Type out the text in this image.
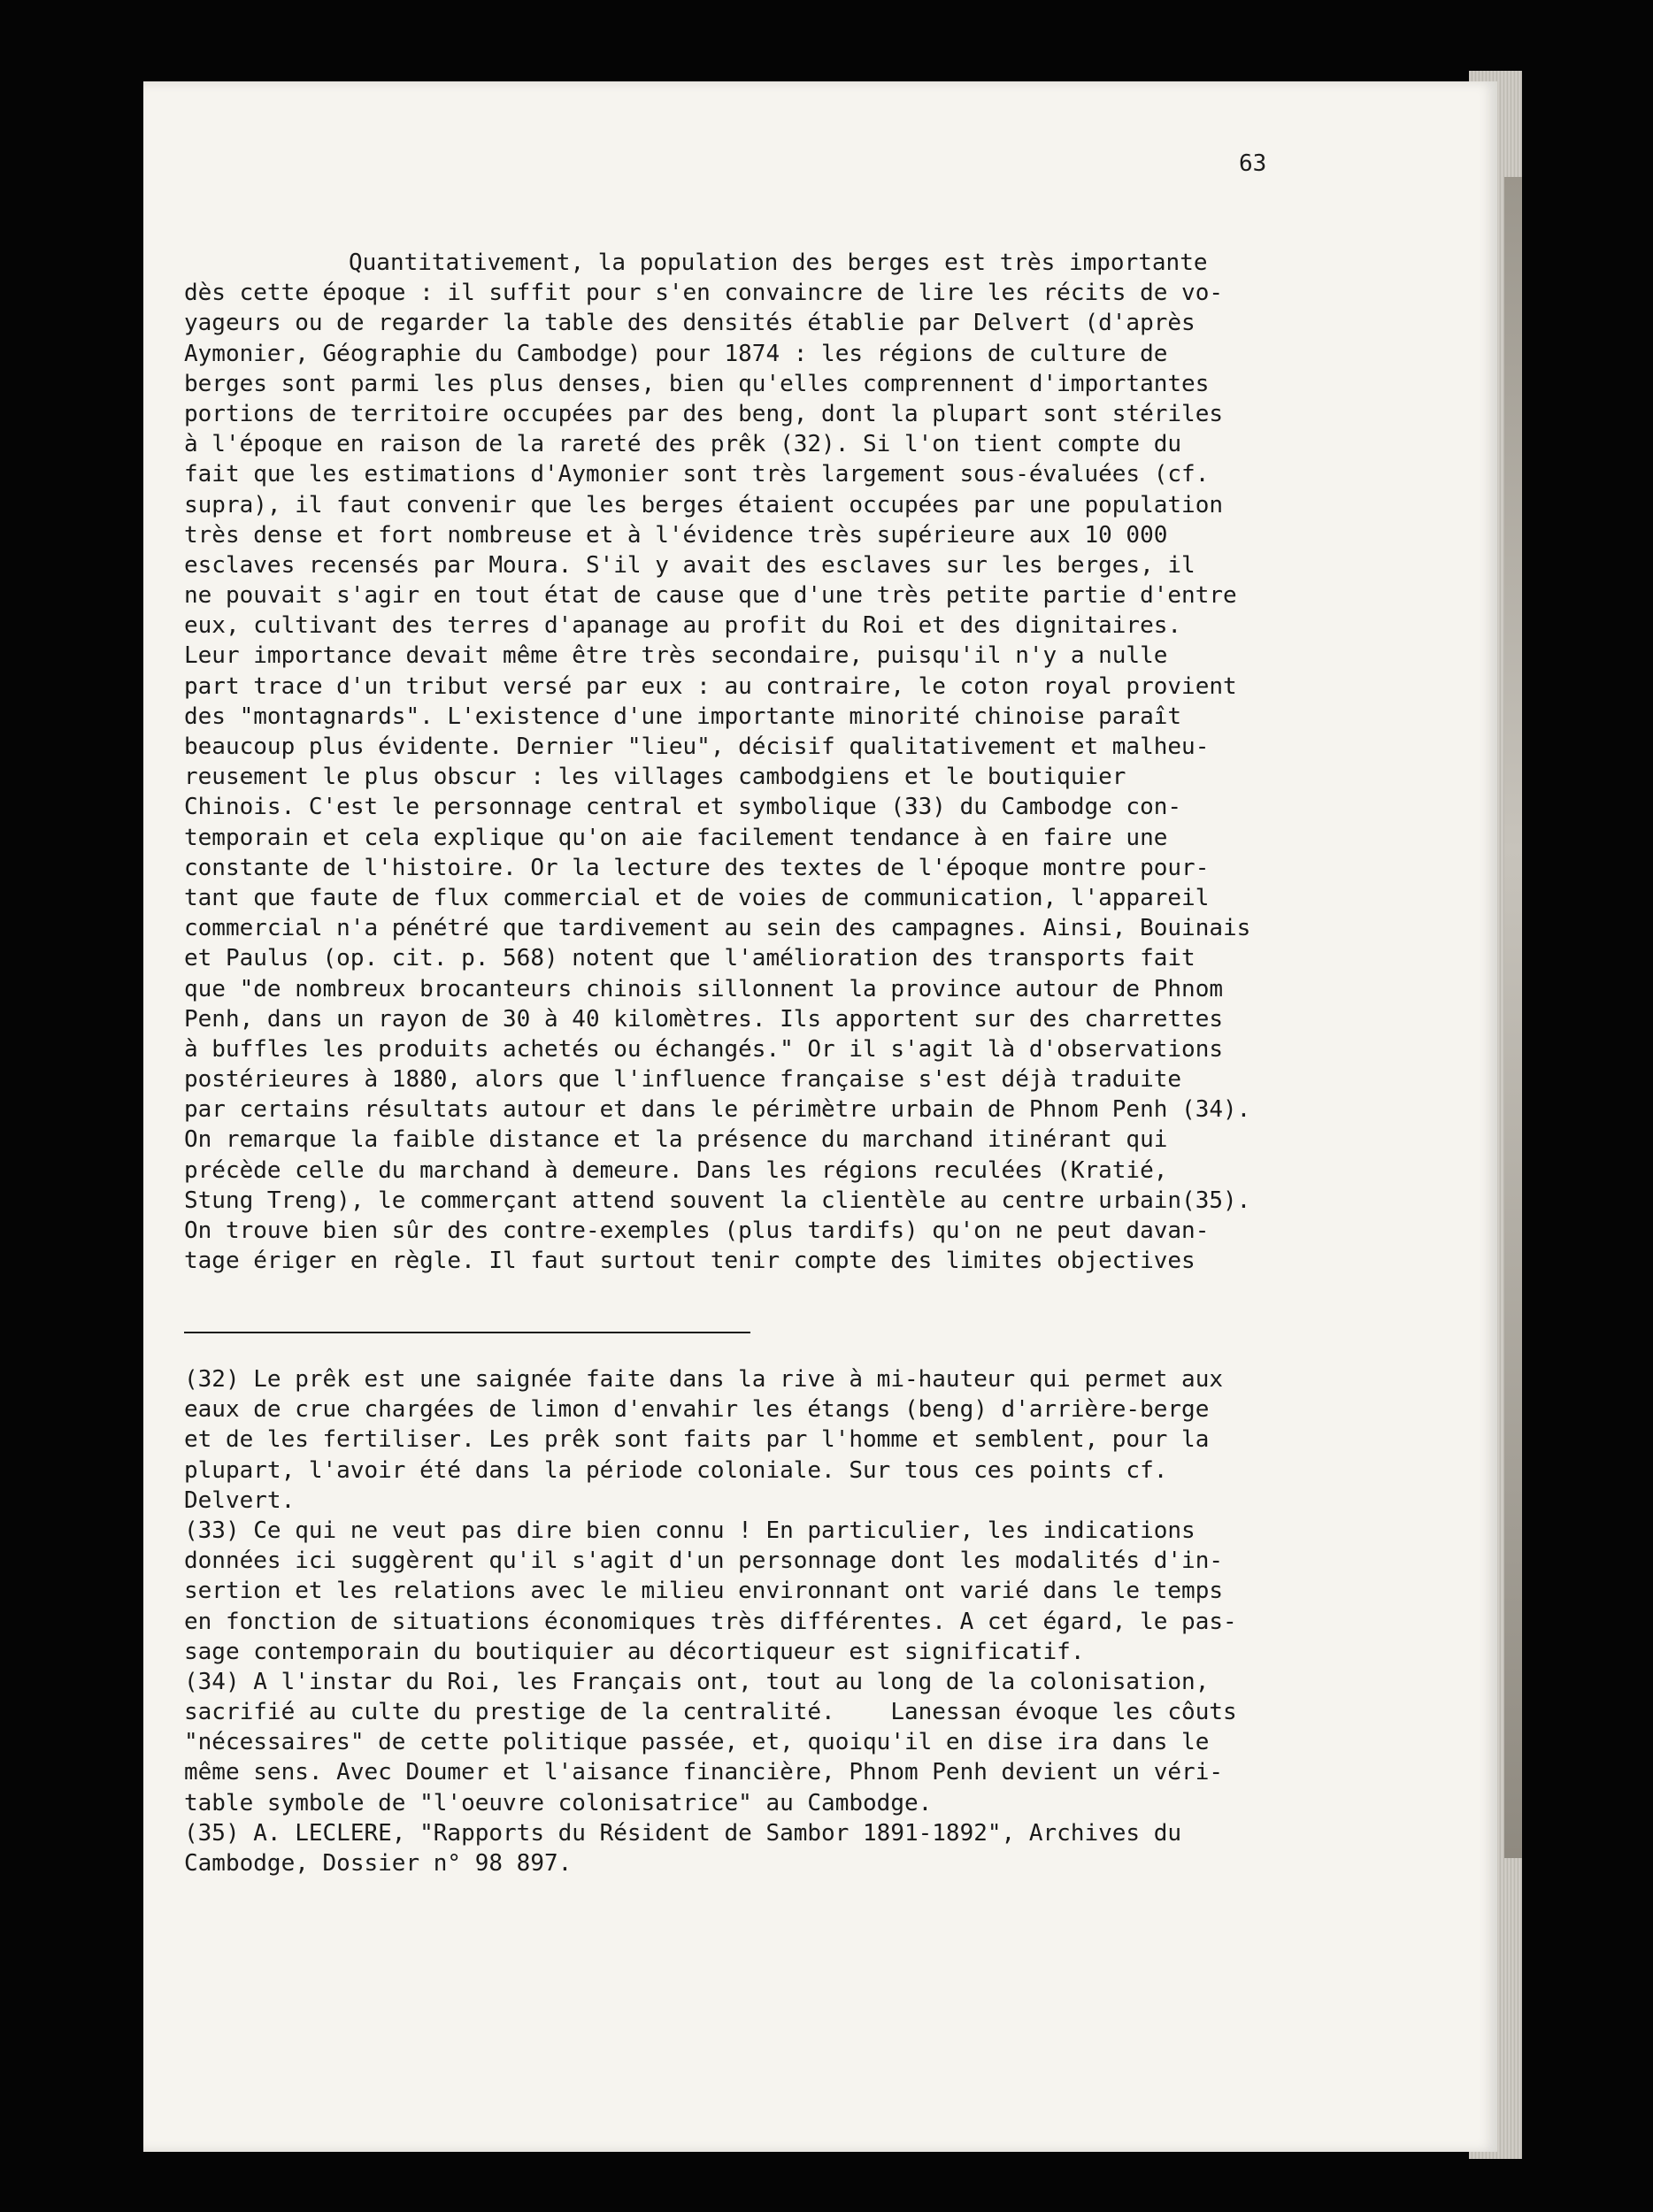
63
Quantitativement, la population des berges est très importante
dès cette époque : il suffit pour s'en convaincre de lire les récits de vo-
yageurs ou de regarder la table des densités établie par Delvert (d'après
Aymonier, Géographie du Cambodge) pour 1874 : les régions de culture de
berges sont parmi les plus denses, bien qu'elles comprennent d'importantes
portions de territoire occupées par des beng, dont la plupart sont stériles
à l'époque en raison de la rareté des prêk (32). Si l'on tient compte du
fait que les estimations d'Aymonier sont très largement sous-évaluées (cf.
supra), il faut convenir que les berges étaient occupées par une population
très dense et fort nombreuse et à l'évidence très supérieure aux 10 000
esclaves recensés par Moura. S'il y avait des esclaves sur les berges, il
ne pouvait s'agir en tout état de cause que d'une très petite partie d'entre
eux, cultivant des terres d'apanage au profit du Roi et des dignitaires.
Leur importance devait même être très secondaire, puisqu'il n'y a nulle
part trace d'un tribut versé par eux : au contraire, le coton royal provient
des "montagnards". L'existence d'une importante minorité chinoise paraît
beaucoup plus évidente. Dernier "lieu", décisif qualitativement et malheu-
reusement le plus obscur : les villages cambodgiens et le boutiquier
Chinois. C'est le personnage central et symbolique (33) du Cambodge con-
temporain et cela explique qu'on aie facilement tendance à en faire une
constante de l'histoire. Or la lecture des textes de l'époque montre pour-
tant que faute de flux commercial et de voies de communication, l'appareil
commercial n'a pénétré que tardivement au sein des campagnes. Ainsi, Bouinais
et Paulus (op. cit. p. 568) notent que l'amélioration des transports fait
que "de nombreux brocanteurs chinois sillonnent la province autour de Phnom
Penh, dans un rayon de 30 à 40 kilomètres. Ils apportent sur des charrettes
à buffles les produits achetés ou échangés." Or il s'agit là d'observations
postérieures à 1880, alors que l'influence française s'est déjà traduite
par certains résultats autour et dans le périmètre urbain de Phnom Penh (34).
On remarque la faible distance et la présence du marchand itinérant qui
précède celle du marchand à demeure. Dans les régions reculées (Kratié,
Stung Treng), le commerçant attend souvent la clientèle au centre urbain(35).
On trouve bien sûr des contre-exemples (plus tardifs) qu'on ne peut davan-
tage ériger en règle. Il faut surtout tenir compte des limites objectives
(32) Le prêk est une saignée faite dans la rive à mi-hauteur qui permet aux
eaux de crue chargées de limon d'envahir les étangs (beng) d'arrière-berge
et de les fertiliser. Les prêk sont faits par l'homme et semblent, pour la
plupart, l'avoir été dans la période coloniale. Sur tous ces points cf.
Delvert.
(33) Ce qui ne veut pas dire bien connu ! En particulier, les indications
données ici suggèrent qu'il s'agit d'un personnage dont les modalités d'in-
sertion et les relations avec le milieu environnant ont varié dans le temps
en fonction de situations économiques très différentes. A cet égard, le pas-
sage contemporain du boutiquier au décortiqueur est significatif.
(34) A l'instar du Roi, les Français ont, tout au long de la colonisation,
sacrifié au culte du prestige de la centralité.    Lanessan évoque les côuts
"nécessaires" de cette politique passée, et, quoiqu'il en dise ira dans le
même sens. Avec Doumer et l'aisance financière, Phnom Penh devient un véri-
table symbole de "l'oeuvre colonisatrice" au Cambodge.
(35) A. LECLERE, "Rapports du Résident de Sambor 1891-1892", Archives du
Cambodge, Dossier n° 98 897.
